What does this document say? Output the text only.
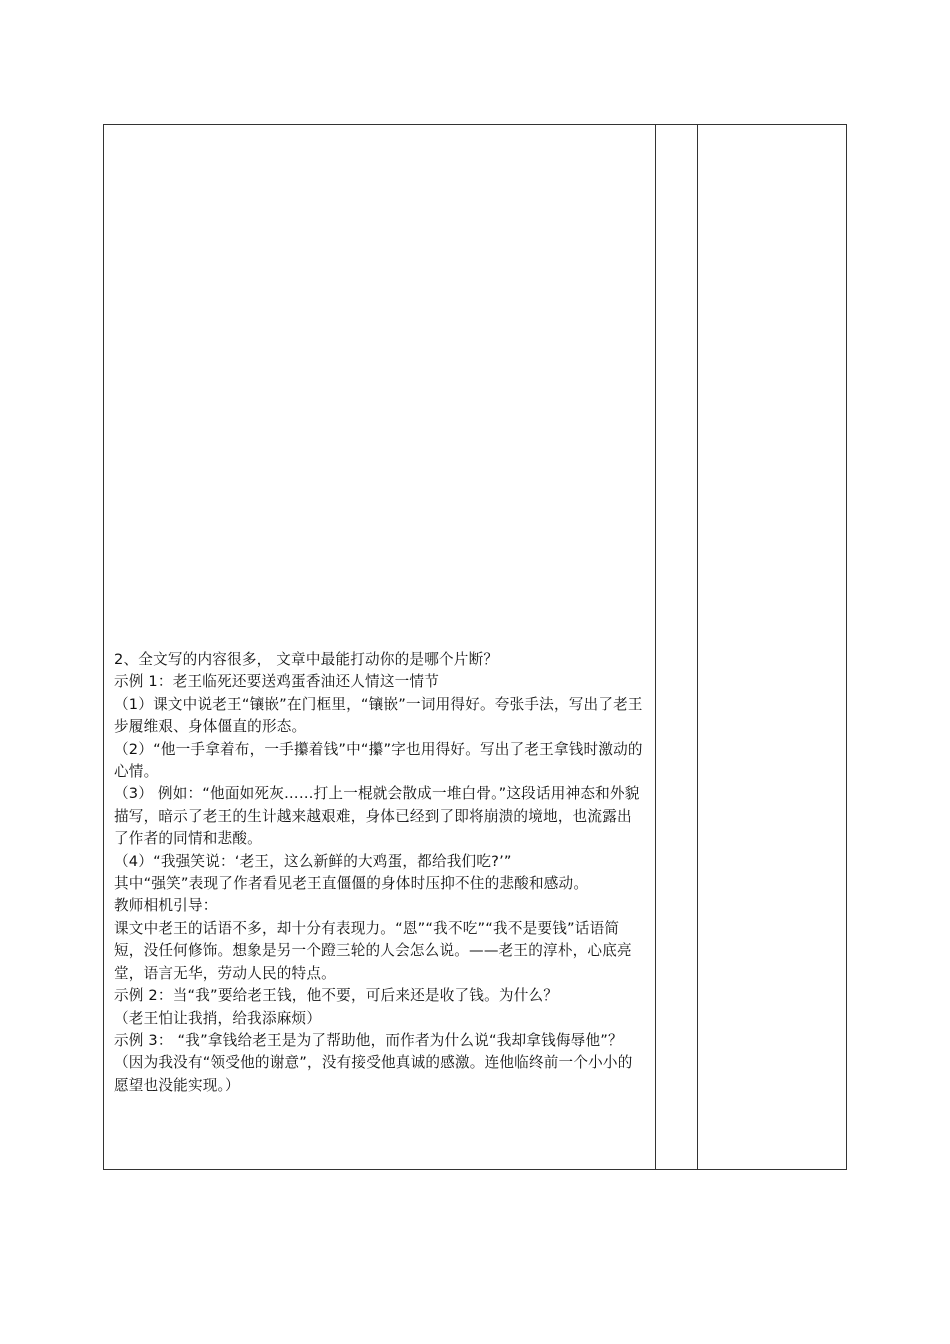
2、全文写的内容很多， 文章中最能打动你的是哪个片断？

示例 1：老王临死还要送鸡蛋香油还人情这一情节

（1）课文中说老王“镶嵌”在门框里，“镶嵌”一词用得好。夸张手法，写出了老王步履维艰、身体僵直的形态。

（2）“他一手拿着布，一手攥着钱”中“攥”字也用得好。写出了老王拿钱时激动的心情。

（3） 例如：“他面如死灰……打上一棍就会散成一堆白骨。”这段话用神态和外貌描写，暗示了老王的生计越来越艰难，身体已经到了即将崩溃的境地，也流露出了作者的同情和悲酸。

（4）“我强笑说：‘老王，这么新鲜的大鸡蛋，都给我们吃?’”

其中“强笑”表现了作者看见老王直僵僵的身体时压抑不住的悲酸和感动。

教师相机引导：

课文中老王的话语不多，却十分有表现力。“恩”“我不吃”“我不是要钱”话语简短，没任何修饰。想象是另一个蹬三轮的人会怎么说。——老王的淳朴，心底亮堂，语言无华，劳动人民的特点。

示例 2：当“我”要给老王钱，他不要，可后来还是收了钱。为什么？

（老王怕让我捎，给我添麻烦）

示例 3： “我”拿钱给老王是为了帮助他，而作者为什么说“我却拿钱侮辱他”？（因为我没有“领受他的谢意”，没有接受他真诚的感激。连他临终前一个小小的愿望也没能实现。）
